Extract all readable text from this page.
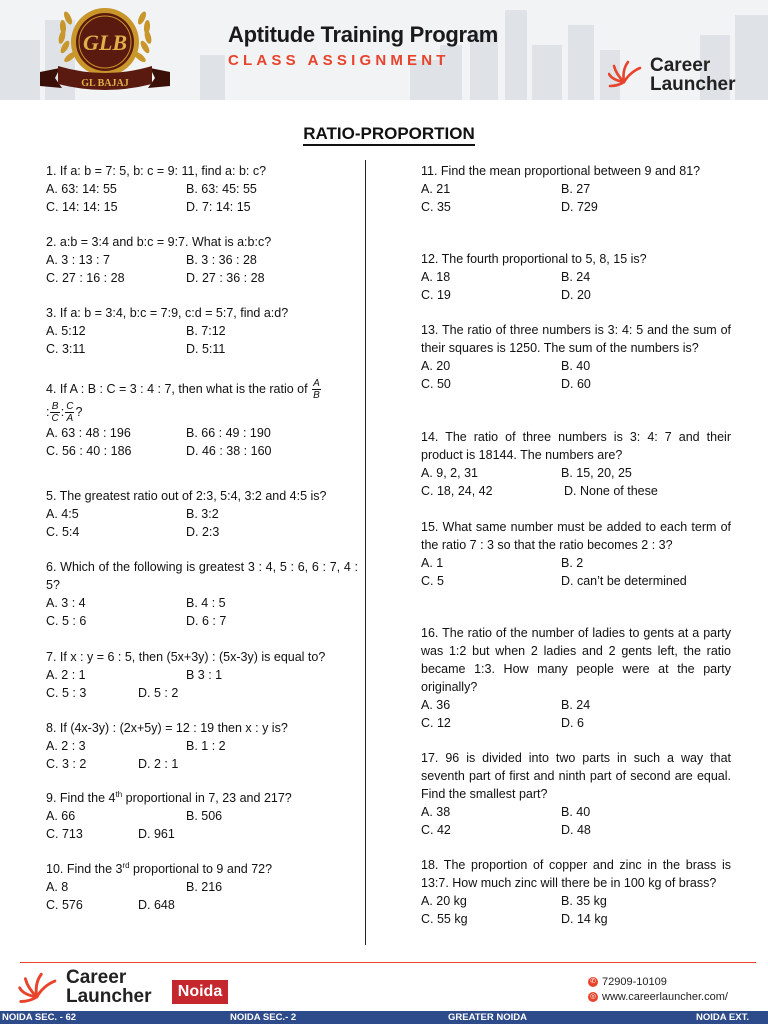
GLB
GL BAJAJ
Aptitude Training Program
CLASS ASSIGNMENT	Career
Launcher
RATIO-PROPORTION
1. If a: b = 7: 5, b: c = 9: 11, find a: b: c?
A. 63: 14: 55	B. 63: 45: 55
C. 14: 14: 15	D. 7: 14: 15
2. a:b = 3:4 and b:c = 9:7. What is a:b:c?
A. 3 : 13 : 7	B. 3 : 36 : 28
C. 27 : 16 : 28	D. 27 : 36 : 28
3. If a: b = 3:4, b:c = 7:9, c:d = 5:7, find a:d?
A. 5:12	B. 7:12
C. 3:11	D. 5:11
4. If A : B : C = 3 : 4 : 7, then what is the ratio of $\frac{A}{B}$

: $\frac{B}{C}$ : $\frac{C}{A}$ ?
A. 63 : 48 : 196	B. 66 : 49 : 190
C. 56 : 40 : 186	D. 46 : 38 : 160
5. The greatest ratio out of 2:3, 5:4, 3:2 and 4:5 is?
A. 4:5	B. 3:2
C. 5:4	D. 2:3
6. Which of the following is greatest 3 : 4, 5 : 6, 6 : 7, 4 : 5?
A. 3 : 4	B. 4 : 5
C. 5 : 6	D. 6 : 7
7. If x : y = 6 : 5, then (5x+3y) : (5x-3y) is equal to?
A. 2 : 1	B 3 : 1
C. 5 : 3	D. 5 : 2
8. If (4x-3y) : (2x+5y) = 12 : 19 then x : y is?
A. 2 : 3	B. 1 : 2
C. 3 : 2	D. 2 : 1
9. Find the 4th proportional in 7, 23 and 217?
A. 66	B. 506
C. 713	D. 961
10. Find the 3rd proportional to 9 and 72?
A. 8	B. 216
C. 576	D. 648
11. Find the mean proportional between 9 and 81?
A. 21	B. 27
C. 35	D. 729
12. The fourth proportional to 5, 8, 15 is?
A. 18	B. 24
C. 19	D. 20
13. The ratio of three numbers is 3: 4: 5 and the sum of their squares is 1250. The sum of the numbers is?
A. 20	B. 40
C. 50	D. 60
14. The ratio of three numbers is 3: 4: 7 and their product is 18144. The numbers are?
A. 9, 2, 31	B. 15, 20, 25
C. 18, 24, 42	D. None of these
15. What same number must be added to each term of the ratio 7 : 3 so that the ratio becomes 2 : 3?
A. 1	B. 2
C. 5	D. can’t be determined
16. The ratio of the number of ladies to gents at a party was 1:2 but when 2 ladies and 2 gents left, the ratio became 1:3. How many people were at the party originally?
A. 36	B. 24
C. 12	D. 6
17. 96 is divided into two parts in such a way that seventh part of first and ninth part of second are equal. Find the smallest part?
A. 38	B. 40
C. 42	D. 48
18. The proportion of copper and zinc in the brass is 13:7. How much zinc will there be in 100 kg of brass?
A. 20 kg	B. 35 kg
C. 55 kg	D. 14 kg
Career
Launcher	Noida
✆ 72909-10109
◎ www.careerlauncher.com/
NOIDA SEC. - 62	NOIDA SEC.- 2	GREATER NOIDA	NOIDA EXT.
